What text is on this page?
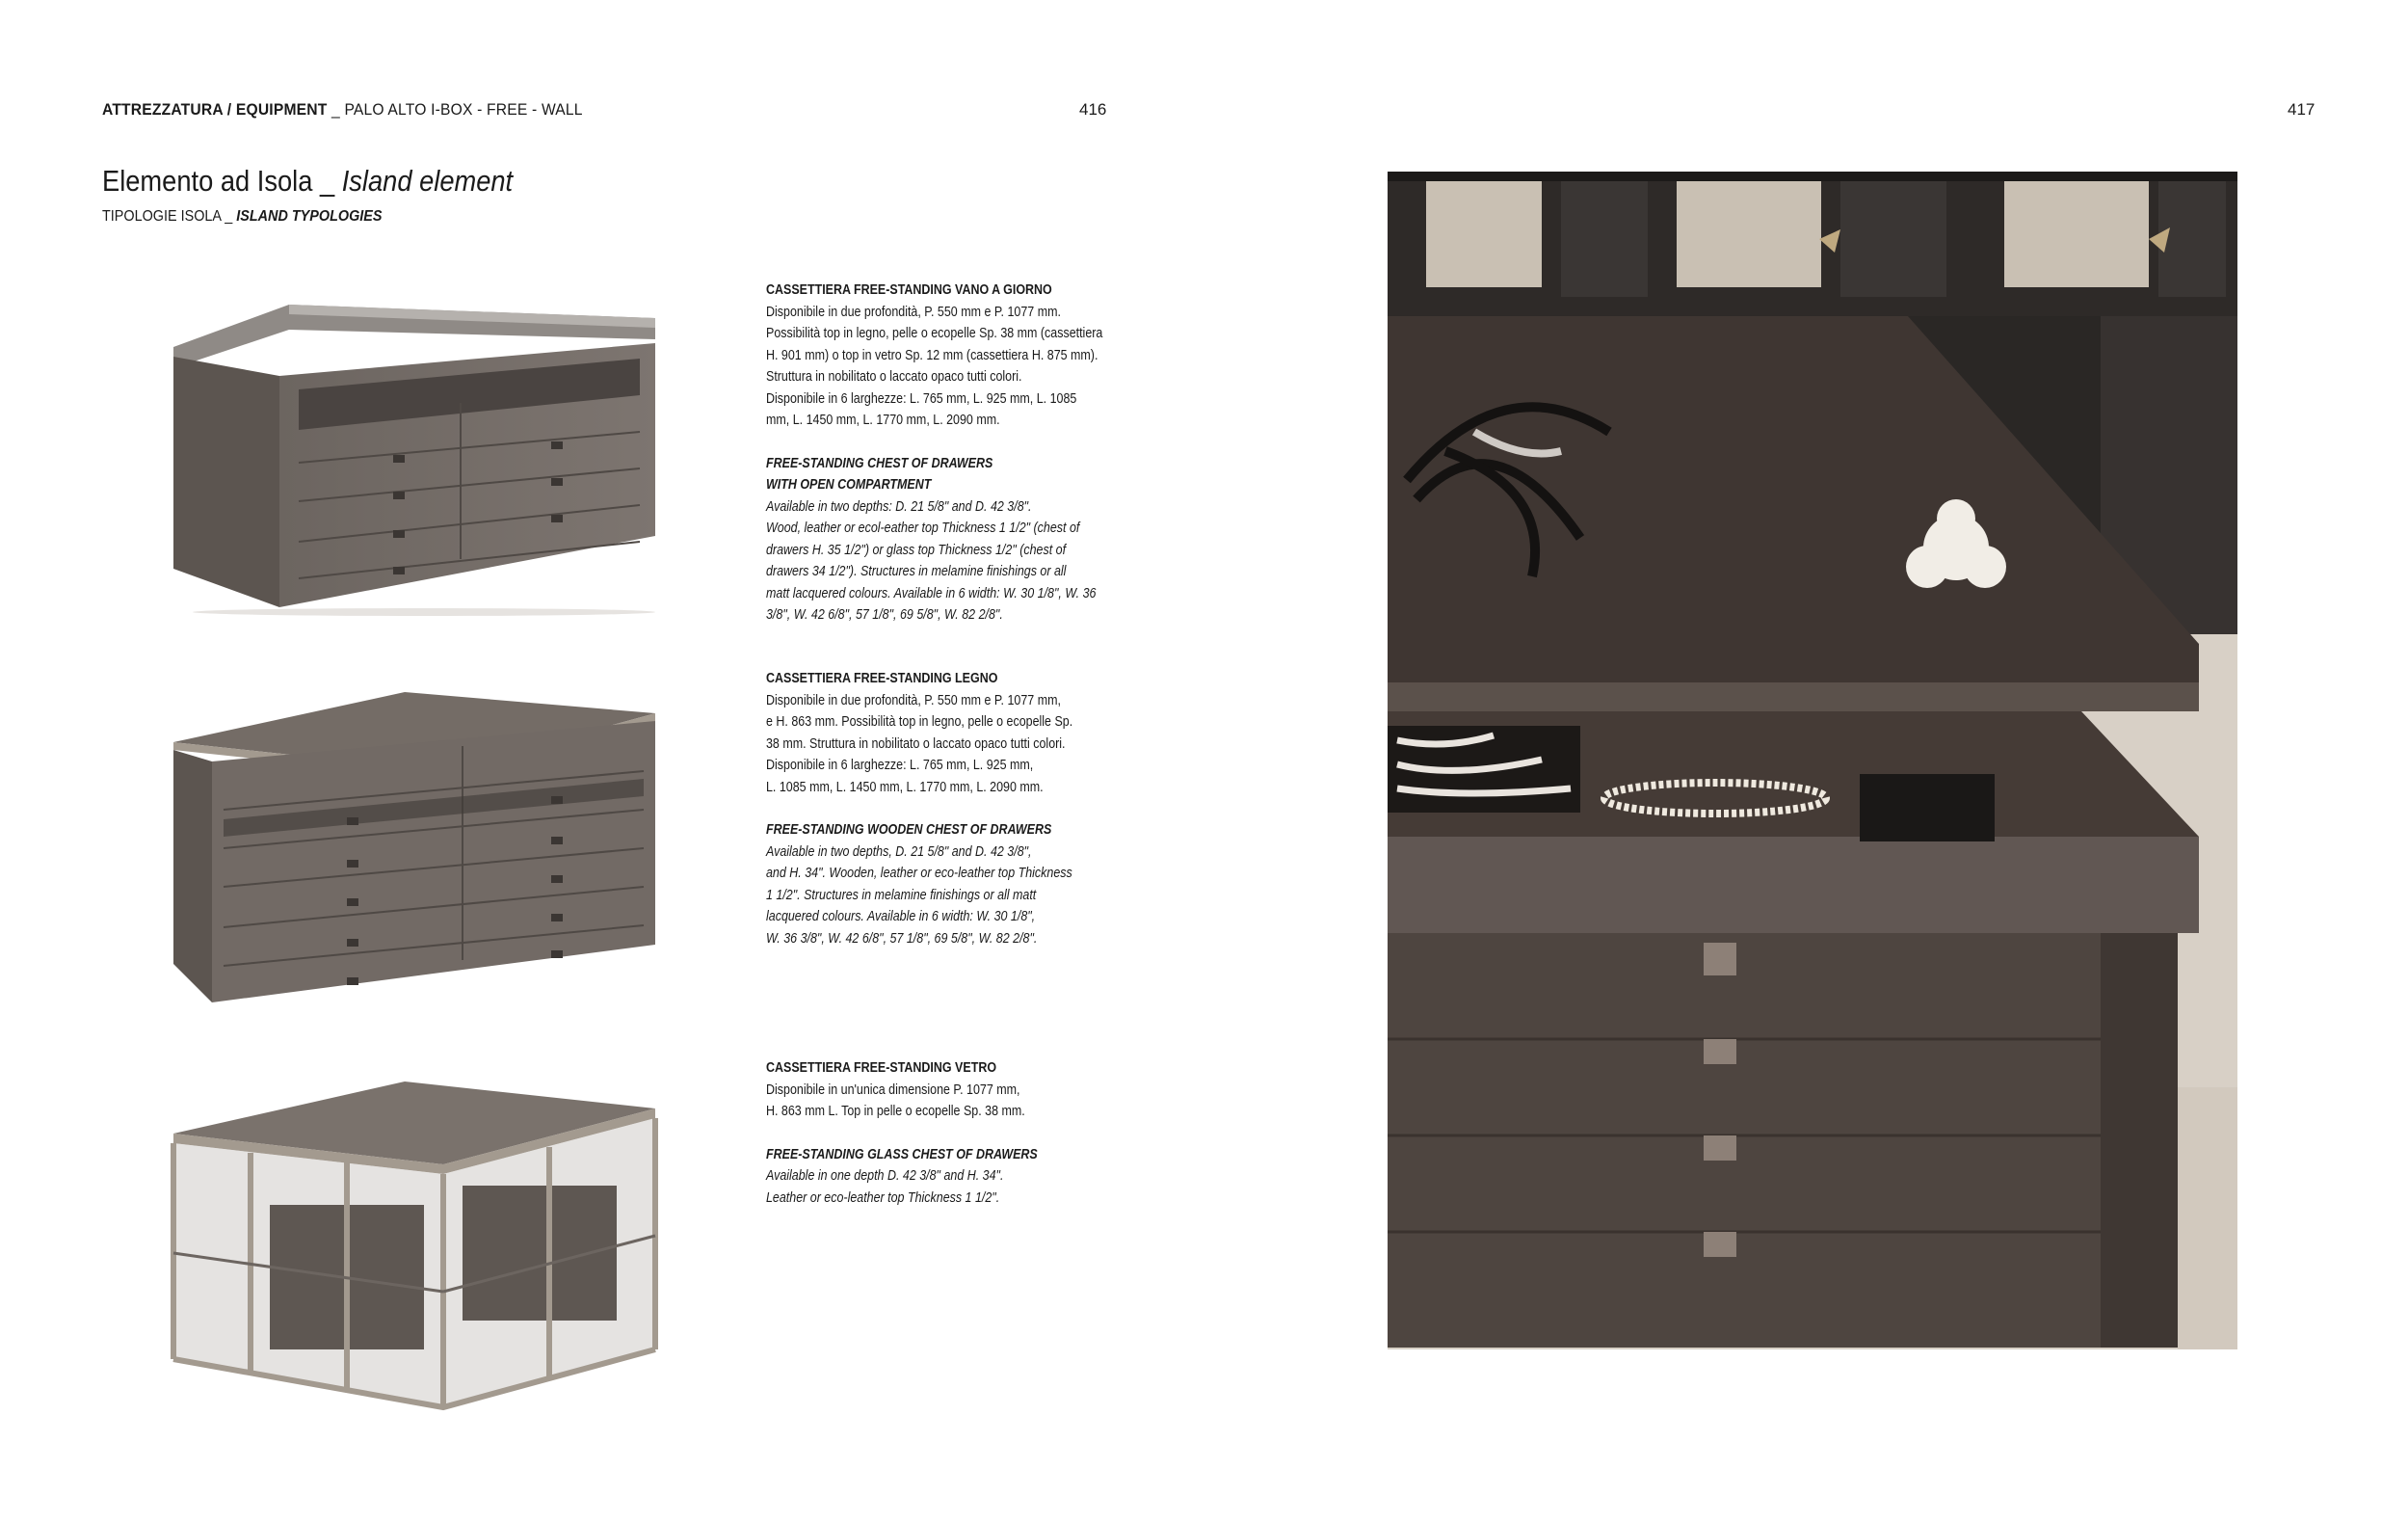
ATTREZZATURA / EQUIPMENT _ PALO ALTO I-BOX - FREE - WALL	416	417
Elemento ad Isola _ Island element
TIPOLOGIE ISOLA _ ISLAND TYPOLOGIES

CASSETTIERA FREE-STANDING VANO A GIORNO

Disponibile in due profondità, P. 550 mm e P. 1077 mm.

Possibilità top in legno, pelle o ecopelle Sp. 38 mm (cassettiera

H. 901 mm) o top in vetro Sp. 12 mm (cassettiera H. 875 mm).

Struttura in nobilitato o laccato opaco tutti colori.

Disponibile in 6 larghezze: L. 765 mm, L. 925 mm, L. 1085

mm, L. 1450 mm, L. 1770 mm, L. 2090 mm.

FREE-STANDING CHEST OF DRAWERS

WITH OPEN COMPARTMENT

Available in two depths: D. 21 5/8" and D. 42 3/8".

Wood, leather or ecol-eather top Thickness 1 1/2" (chest of

drawers H. 35 1/2") or glass top Thickness 1/2" (chest of

drawers 34 1/2"). Structures in melamine finishings or all

matt lacquered colours. Available in 6 width: W. 30 1/8", W. 36

3/8", W. 42 6/8", 57 1/8", 69 5/8", W. 82 2/8".

CASSETTIERA FREE-STANDING LEGNO

Disponibile in due profondità, P. 550 mm e P. 1077 mm,

e H. 863 mm. Possibilità top in legno, pelle o ecopelle Sp.

38 mm. Struttura in nobilitato o laccato opaco tutti colori.

Disponibile in 6 larghezze: L. 765 mm, L. 925 mm,

L. 1085 mm, L. 1450 mm, L. 1770 mm, L. 2090 mm.

FREE-STANDING WOODEN CHEST OF DRAWERS

Available in two depths, D. 21 5/8" and D. 42 3/8",

and H. 34". Wooden, leather or eco-leather top Thickness

1 1/2". Structures in melamine finishings or all matt

lacquered colours. Available in 6 width: W. 30 1/8",

W. 36 3/8", W. 42 6/8", 57 1/8", 69 5/8", W. 82 2/8".

CASSETTIERA FREE-STANDING VETRO

Disponibile in un'unica dimensione P. 1077 mm,

H. 863 mm L. Top in pelle o ecopelle Sp. 38 mm.

FREE-STANDING GLASS CHEST OF DRAWERS

Available in one depth D. 42 3/8" and H. 34".

Leather or eco-leather top Thickness 1 1/2".
